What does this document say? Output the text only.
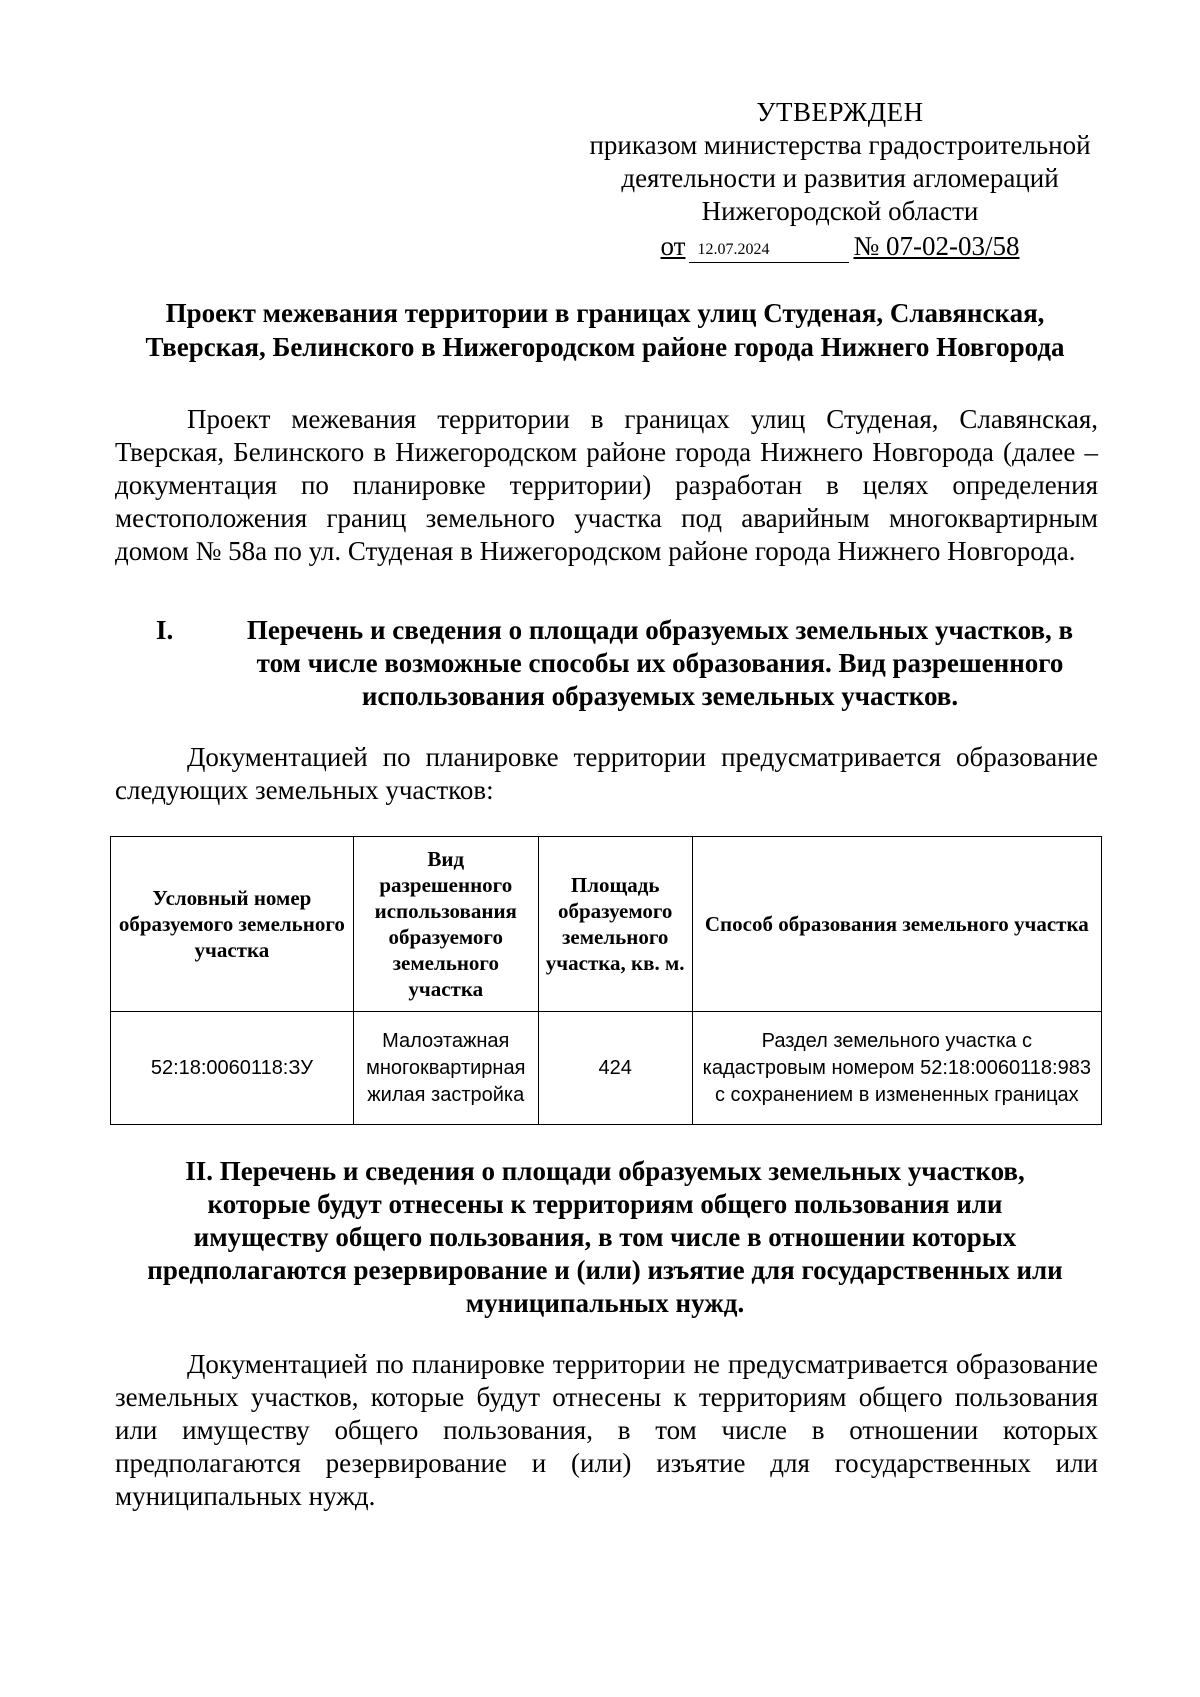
УТВЕРЖДЕН
приказом министерства градостроительной
деятельности и развития агломераций
Нижегородской области
от 12.07.2024	№ 07-02-03/58
Проект межевания территории в границах улиц Студеная, Славянская,
Тверская, Белинского в Нижегородском районе города Нижнего Новгорода

Проект межевания территории в границах улиц Студеная, Славянская, Тверская, Белинского в Нижегородском районе города Нижнего Новгорода (далее – документация по планировке территории) разработан в целях определения местоположения границ земельного участка под аварийным многоквартирным домом № 58а по ул. Студеная в Нижегородском районе города Нижнего Новгорода.

I.	Перечень и сведения о площади образуемых земельных участков, в
том числе возможные способы их образования. Вид разрешенного
использования образуемых земельных участков.

Документацией по планировке территории предусматривается образование следующих земельных участков:

Условный номер образуемого земельного участка	Вид разрешенного использования образуемого земельного участка	Площадь образуемого земельного участка, кв. м.	Способ образования земельного участка
52:18:0060118:ЗУ	Малоэтажная многоквартирная жилая застройка	424	Раздел земельного участка с кадастровым номером 52:18:0060118:983 с сохранением в измененных границах
II. Перечень и сведения о площади образуемых земельных участков,
которые будут отнесены к территориям общего пользования или
имуществу общего пользования, в том числе в отношении которых
предполагаются резервирование и (или) изъятие для государственных или
муниципальных нужд.

Документацией по планировке территории не предусматривается образование земельных участков, которые будут отнесены к территориям общего пользования или имуществу общего пользования, в том числе в отношении которых предполагаются резервирование и (или) изъятие для государственных или муниципальных нужд.
